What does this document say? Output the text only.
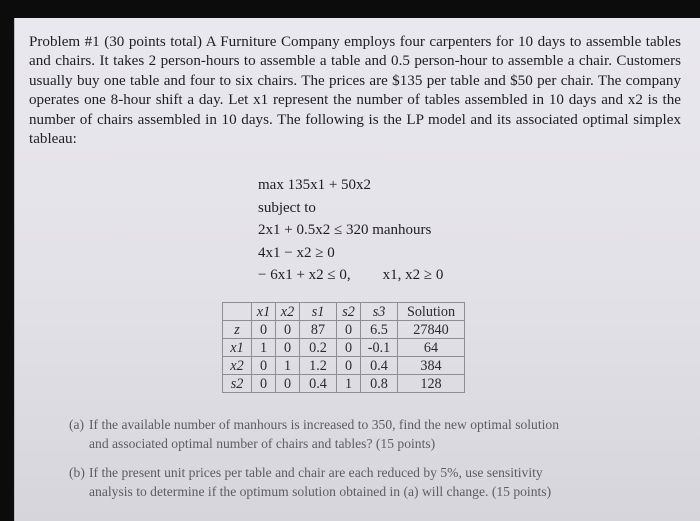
Problem #1 (30 points total) A Furniture Company employs four carpenters for 10 days to assemble tables and chairs. It takes 2 person-hours to assemble a table and 0.5 person-hour to assemble a chair. Customers usually buy one table and four to six chairs. The prices are $135 per table and $50 per chair. The company operates one 8-hour shift a day. Let x1 represent the number of tables assembled in 10 days and x2 is the number of chairs assembled in 10 days. The following is the LP model and its associated optimal simplex tableau:
max 135x1 + 50x2
subject to
2x1 + 0.5x2 ≤ 320 manhours
4x1 − x2 ≥ 0
− 6x1 + x2 ≤ 0, x1, x2 ≥ 0
	x1	x2	s1	s2	s3	Solution
z	0	0	87	0	6.5	27840
x1	1	0	0.2	0	-0.1	64
x2	0	1	1.2	0	0.4	384
s2	0	0	0.4	1	0.8	128
(a) If the available number of manhours is increased to 350, find the new optimal solution
and associated optimal number of chairs and tables? (15 points)
(b) If the present unit prices per table and chair are each reduced by 5%, use sensitivity
analysis to determine if the optimum solution obtained in (a) will change. (15 points)
